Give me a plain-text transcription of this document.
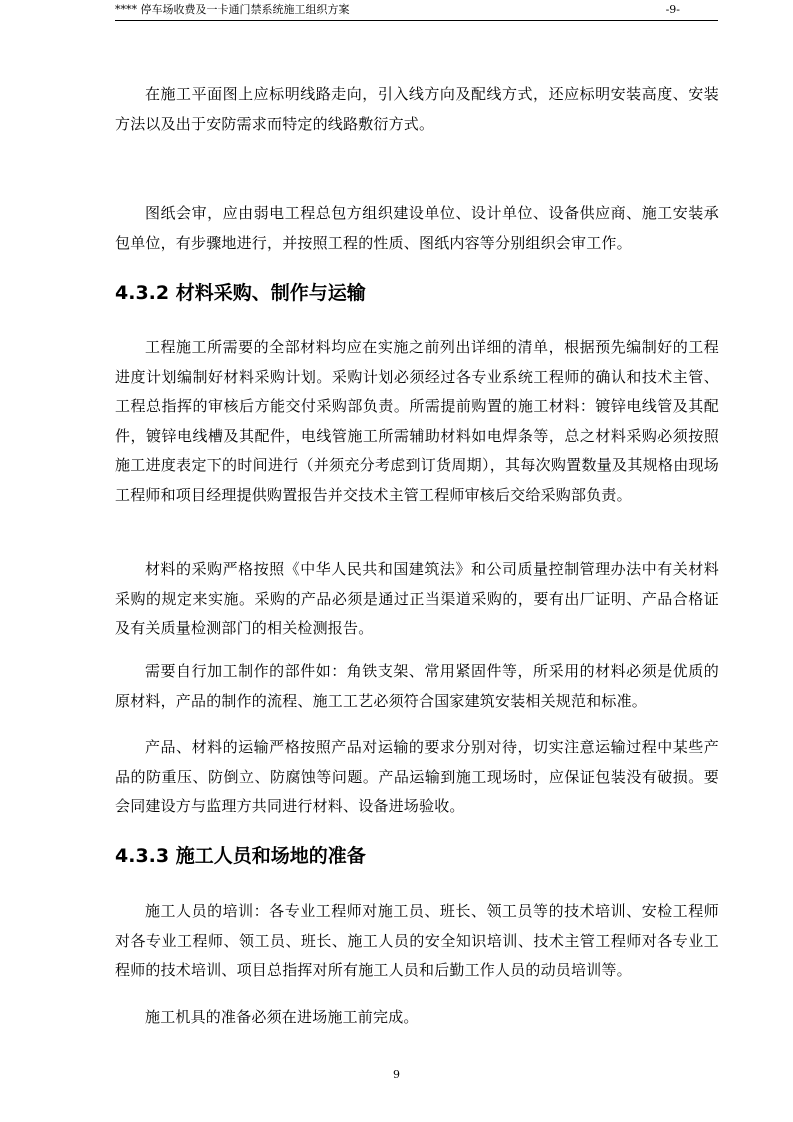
**** 停车场收费及一卡通门禁系统施工组织方案	-9-

在施工平面图上应标明线路走向，引入线方向及配线方式，还应标明安装高度、安装方法以及出于安防需求而特定的线路敷衍方式。

图纸会审，应由弱电工程总包方组织建设单位、设计单位、设备供应商、施工安装承包单位，有步骤地进行，并按照工程的性质、图纸内容等分别组织会审工作。

4.3.2 材料采购、制作与运输

工程施工所需要的全部材料均应在实施之前列出详细的清单，根据预先编制好的工程进度计划编制好材料采购计划。采购计划必须经过各专业系统工程师的确认和技术主管、工程总指挥的审核后方能交付采购部负责。所需提前购置的施工材料：镀锌电线管及其配件，镀锌电线槽及其配件，电线管施工所需辅助材料如电焊条等，总之材料采购必须按照施工进度表定下的时间进行（并须充分考虑到订货周期），其每次购置数量及其规格由现场工程师和项目经理提供购置报告并交技术主管工程师审核后交给采购部负责。

材料的采购严格按照《中华人民共和国建筑法》和公司质量控制管理办法中有关材料采购的规定来实施。采购的产品必须是通过正当渠道采购的，要有出厂证明、产品合格证及有关质量检测部门的相关检测报告。

需要自行加工制作的部件如：角铁支架、常用紧固件等，所采用的材料必须是优质的原材料，产品的制作的流程、施工工艺必须符合国家建筑安装相关规范和标准。

产品、材料的运输严格按照产品对运输的要求分别对待，切实注意运输过程中某些产品的防重压、防倒立、防腐蚀等问题。产品运输到施工现场时，应保证包装没有破损。要会同建设方与监理方共同进行材料、设备进场验收。

4.3.3 施工人员和场地的准备

施工人员的培训：各专业工程师对施工员、班长、领工员等的技术培训、安检工程师对各专业工程师、领工员、班长、施工人员的安全知识培训、技术主管工程师对各专业工程师的技术培训、项目总指挥对所有施工人员和后勤工作人员的动员培训等。

施工机具的准备必须在进场施工前完成。

9
